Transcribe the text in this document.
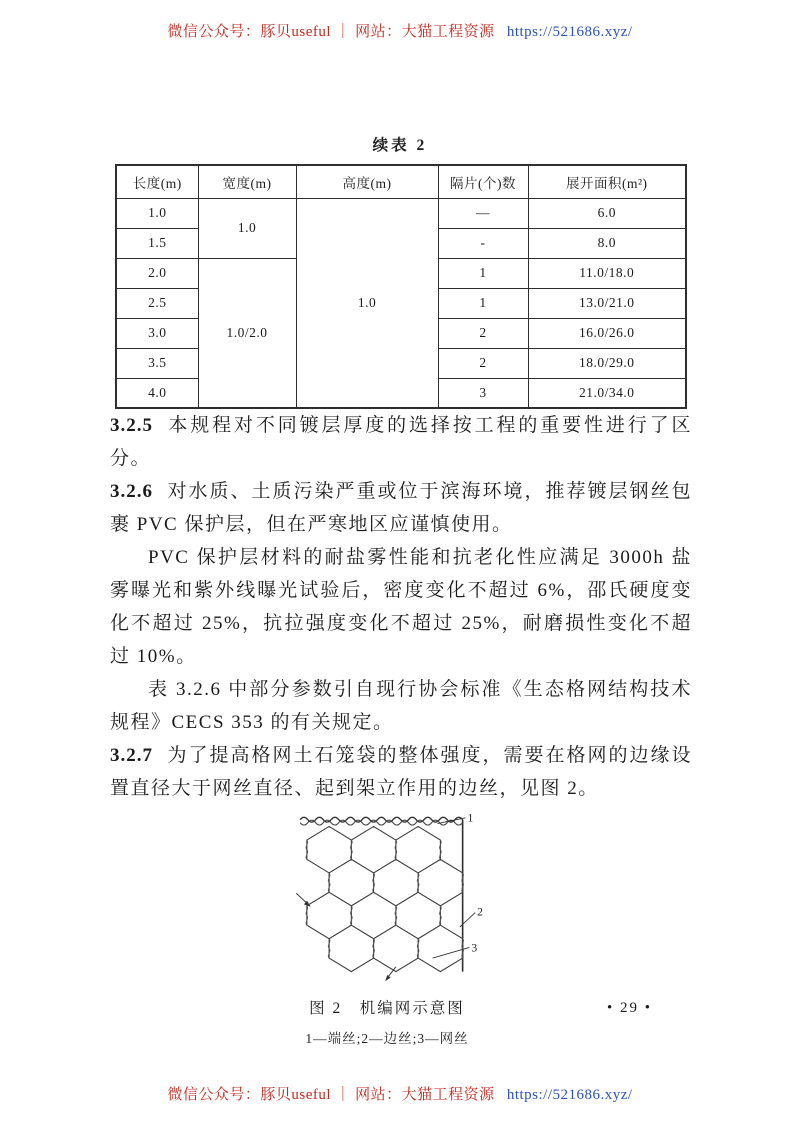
微信公众号：豚贝useful ｜ 网站：大猫工程资源 https://521686.xyz/
续表 2
长度(m)	宽度(m)	高度(m)	隔片(个)数	展开面积(m²)
1.0	1.0	1.0	—	6.0
1.5			-	8.0
2.0	1.0/2.0		1	11.0/18.0
2.5			1	13.0/21.0
3.0			2	16.0/26.0
3.5			2	18.0/29.0
4.0			3	21.0/34.0

3.2.5 本规程对不同镀层厚度的选择按工程的重要性进行了区分。

3.2.6 对水质、土质污染严重或位于滨海环境，推荐镀层钢丝包裹 PVC 保护层，但在严寒地区应谨慎使用。

PVC 保护层材料的耐盐雾性能和抗老化性应满足 3000h 盐雾曝光和紫外线曝光试验后，密度变化不超过 6%，邵氏硬度变化不超过 25%，抗拉强度变化不超过 25%，耐磨损性变化不超过 10%。

表 3.2.6 中部分参数引自现行协会标准《生态格网结构技术规程》CECS 353 的有关规定。

3.2.7 为了提高格网土石笼袋的整体强度，需要在格网的边缘设置直径大于网丝直径、起到架立作用的边丝，见图 2。

1
2
3
图 2　机编网示意图
1—端丝;2—边丝;3—网丝
• 29 •
微信公众号：豚贝useful ｜ 网站：大猫工程资源 https://521686.xyz/
